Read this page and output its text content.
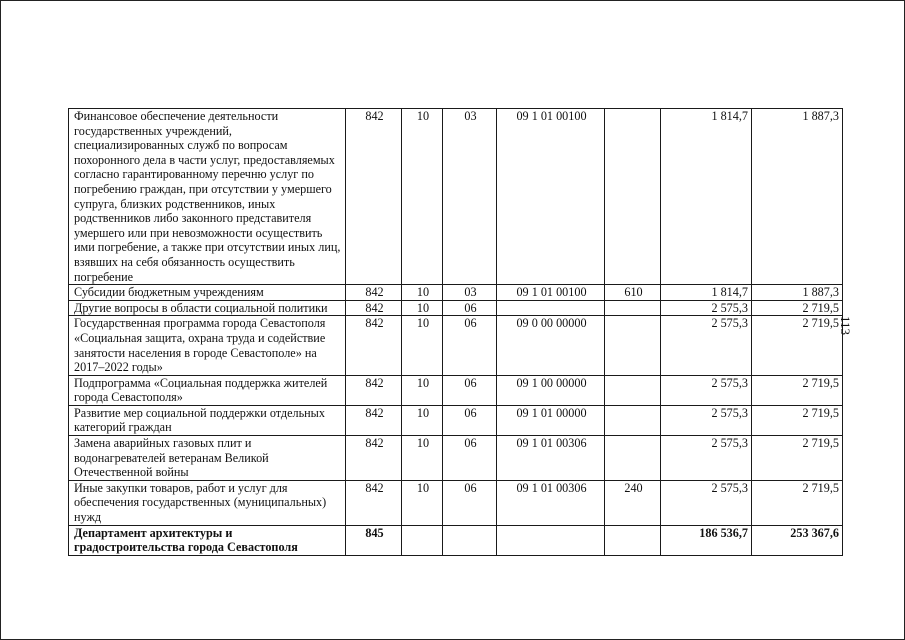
Финансовое обеспечение деятельности государственных учреждений, специализированных служб по вопросам похоронного дела в части услуг, предоставляемых согласно гарантированному перечню услуг по погребению граждан, при отсутствии у умершего супруга, близких родственников, иных родственников либо законного представителя умершего или при невозможности осуществить ими погребение, а также при отсутствии иных лиц, взявших на себя обязанность осуществить погребение	842	10	03	09 1 01 00100		1 814,7	1 887,3
Субсидии бюджетным учреждениям	842	10	03	09 1 01 00100	610	1 814,7	1 887,3
Другие вопросы в области социальной политики	842	10	06			2 575,3	2 719,5
Государственная программа города Севастополя «Социальная защита, охрана труда и содействие занятости населения в городе Севастополе» на 2017–2022 годы»	842	10	06	09 0 00 00000		2 575,3	2 719,5
Подпрограмма «Социальная поддержка жителей города Севастополя»	842	10	06	09 1 00 00000		2 575,3	2 719,5
Развитие мер социальной поддержки отдельных категорий граждан	842	10	06	09 1 01 00000		2 575,3	2 719,5
Замена аварийных газовых плит и водонагревателей ветеранам Великой Отечественной войны	842	10	06	09 1 01 00306		2 575,3	2 719,5
Иные закупки товаров, работ и услуг для обеспечения государственных (муниципальных) нужд	842	10	06	09 1 01 00306	240	2 575,3	2 719,5
Департамент архитектуры и градостроительства города Севастополя	845					186 536,7	253 367,6
113
